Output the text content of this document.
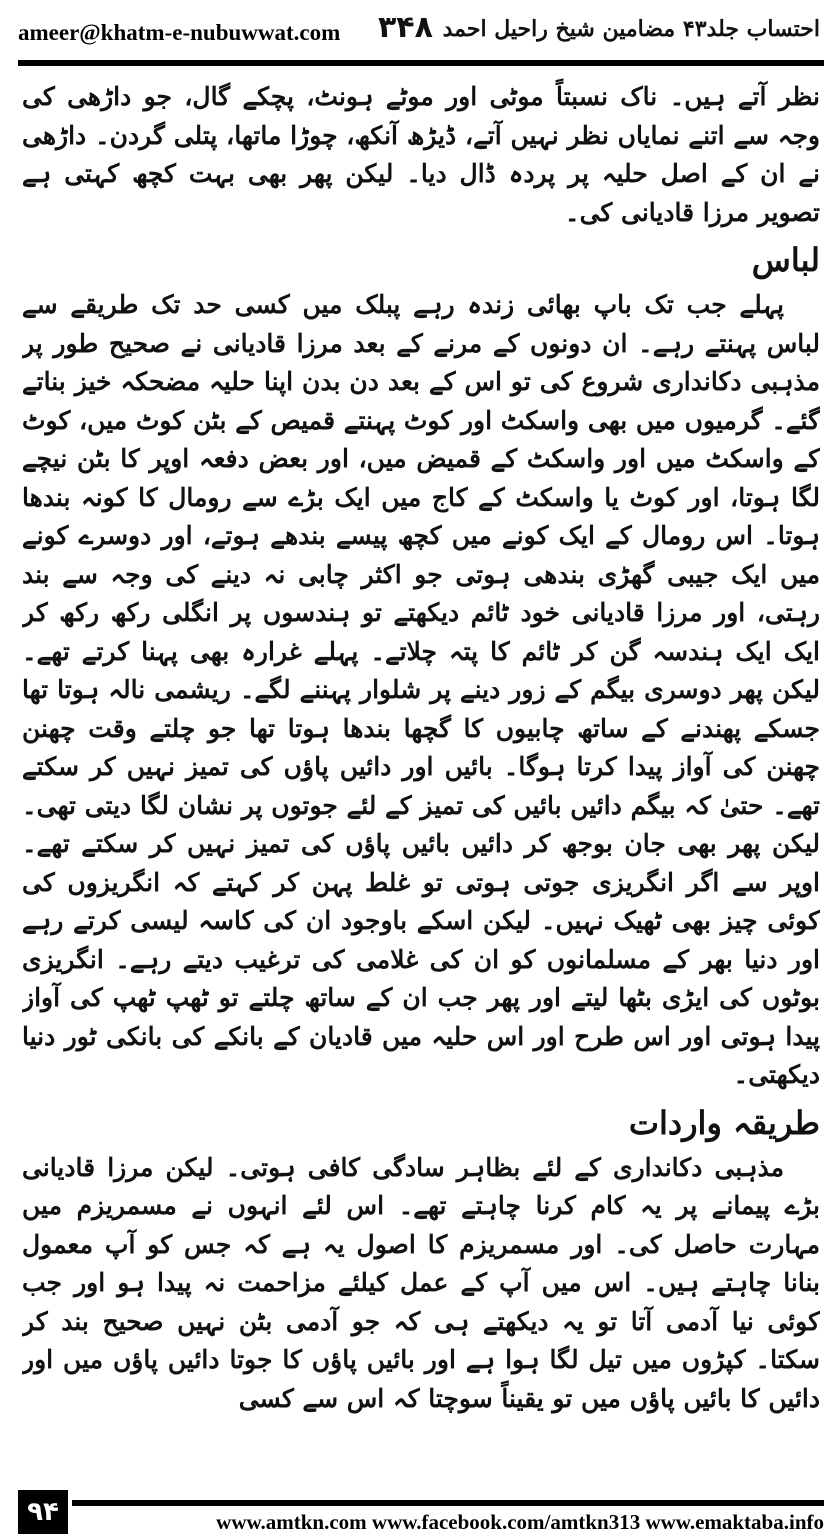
ameer@khatm-e-nubuwwat.com ۳۴۸ احتساب جلد۴۳ مضامین شیخ راحیل احمد

نظر آتے ہیں۔ ناک نسبتاً موٹی اور موٹے ہونٹ، پچکے گال، جو داڑھی کی وجہ سے اتنے نمایاں نظر نہیں آتے، ڈیڑھ آنکھ، چوڑا ماتھا، پتلی گردن۔ داڑھی نے ان کے اصل حلیہ پر پردہ ڈال دیا۔ لیکن پھر بھی بہت کچھ کہتی ہے تصویر مرزا قادیانی کی۔

لباس

پہلے جب تک باپ بھائی زندہ رہے پبلک میں کسی حد تک طریقے سے لباس پہنتے رہے۔ ان دونوں کے مرنے کے بعد مرزا قادیانی نے صحیح طور پر مذہبی دکانداری شروع کی تو اس کے بعد دن بدن اپنا حلیہ مضحکہ خیز بناتے گئے۔ گرمیوں میں بھی واسکٹ اور کوٹ پہنتے قمیص کے بٹن کوٹ میں، کوٹ کے واسکٹ میں اور واسکٹ کے قمیض میں، اور بعض دفعہ اوپر کا بٹن نیچے لگا ہوتا، اور کوٹ یا واسکٹ کے کاج میں ایک بڑے سے رومال کا کونہ بندھا ہوتا۔ اس رومال کے ایک کونے میں کچھ پیسے بندھے ہوتے، اور دوسرے کونے میں ایک جیبی گھڑی بندھی ہوتی جو اکثر چابی نہ دینے کی وجہ سے بند رہتی، اور مرزا قادیانی خود ٹائم دیکھتے تو ہندسوں پر انگلی رکھ رکھ کر ایک ایک ہندسہ گن کر ٹائم کا پتہ چلاتے۔ پہلے غرارہ بھی پہنا کرتے تھے۔ لیکن پھر دوسری بیگم کے زور دینے پر شلوار پہننے لگے۔ ریشمی نالہ ہوتا تھا جسکے پھندنے کے ساتھ چابیوں کا گچھا بندھا ہوتا تھا جو چلتے وقت چھنن چھنن کی آواز پیدا کرتا ہوگا۔ بائیں اور دائیں پاؤں کی تمیز نہیں کر سکتے تھے۔ حتیٰ کہ بیگم دائیں بائیں کی تمیز کے لئے جوتوں پر نشان لگا دیتی تھی۔ لیکن پھر بھی جان بوجھ کر دائیں بائیں پاؤں کی تمیز نہیں کر سکتے تھے۔ اوپر سے اگر انگریزی جوتی ہوتی تو غلط پہن کر کہتے کہ انگریزوں کی کوئی چیز بھی ٹھیک نہیں۔ لیکن اسکے باوجود ان کی کاسہ لیسی کرتے رہے اور دنیا بھر کے مسلمانوں کو ان کی غلامی کی ترغیب دیتے رہے۔ انگریزی بوٹوں کی ایڑی بٹھا لیتے اور پھر جب ان کے ساتھ چلتے تو ٹھپ ٹھپ کی آواز پیدا ہوتی اور اس طرح اور اس حلیہ میں قادیان کے بانکے کی بانکی ٹور دنیا دیکھتی۔

طریقہ واردات

مذہبی دکانداری کے لئے بظاہر سادگی کافی ہوتی۔ لیکن مرزا قادیانی بڑے پیمانے پر یہ کام کرنا چاہتے تھے۔ اس لئے انہوں نے مسمریزم میں مہارت حاصل کی۔ اور مسمریزم کا اصول یہ ہے کہ جس کو آپ معمول بنانا چاہتے ہیں۔ اس میں آپ کے عمل کیلئے مزاحمت نہ پیدا ہو اور جب کوئی نیا آدمی آتا تو یہ دیکھتے ہی کہ جو آدمی بٹن نہیں صحیح بند کر سکتا۔ کپڑوں میں تیل لگا ہوا ہے اور بائیں پاؤں کا جوتا دائیں پاؤں میں اور دائیں کا بائیں پاؤں میں تو یقیناً سوچتا کہ اس سے کسی

۹۴	www.amtkn.com www.facebook.com/amtkn313 www.emaktaba.info
